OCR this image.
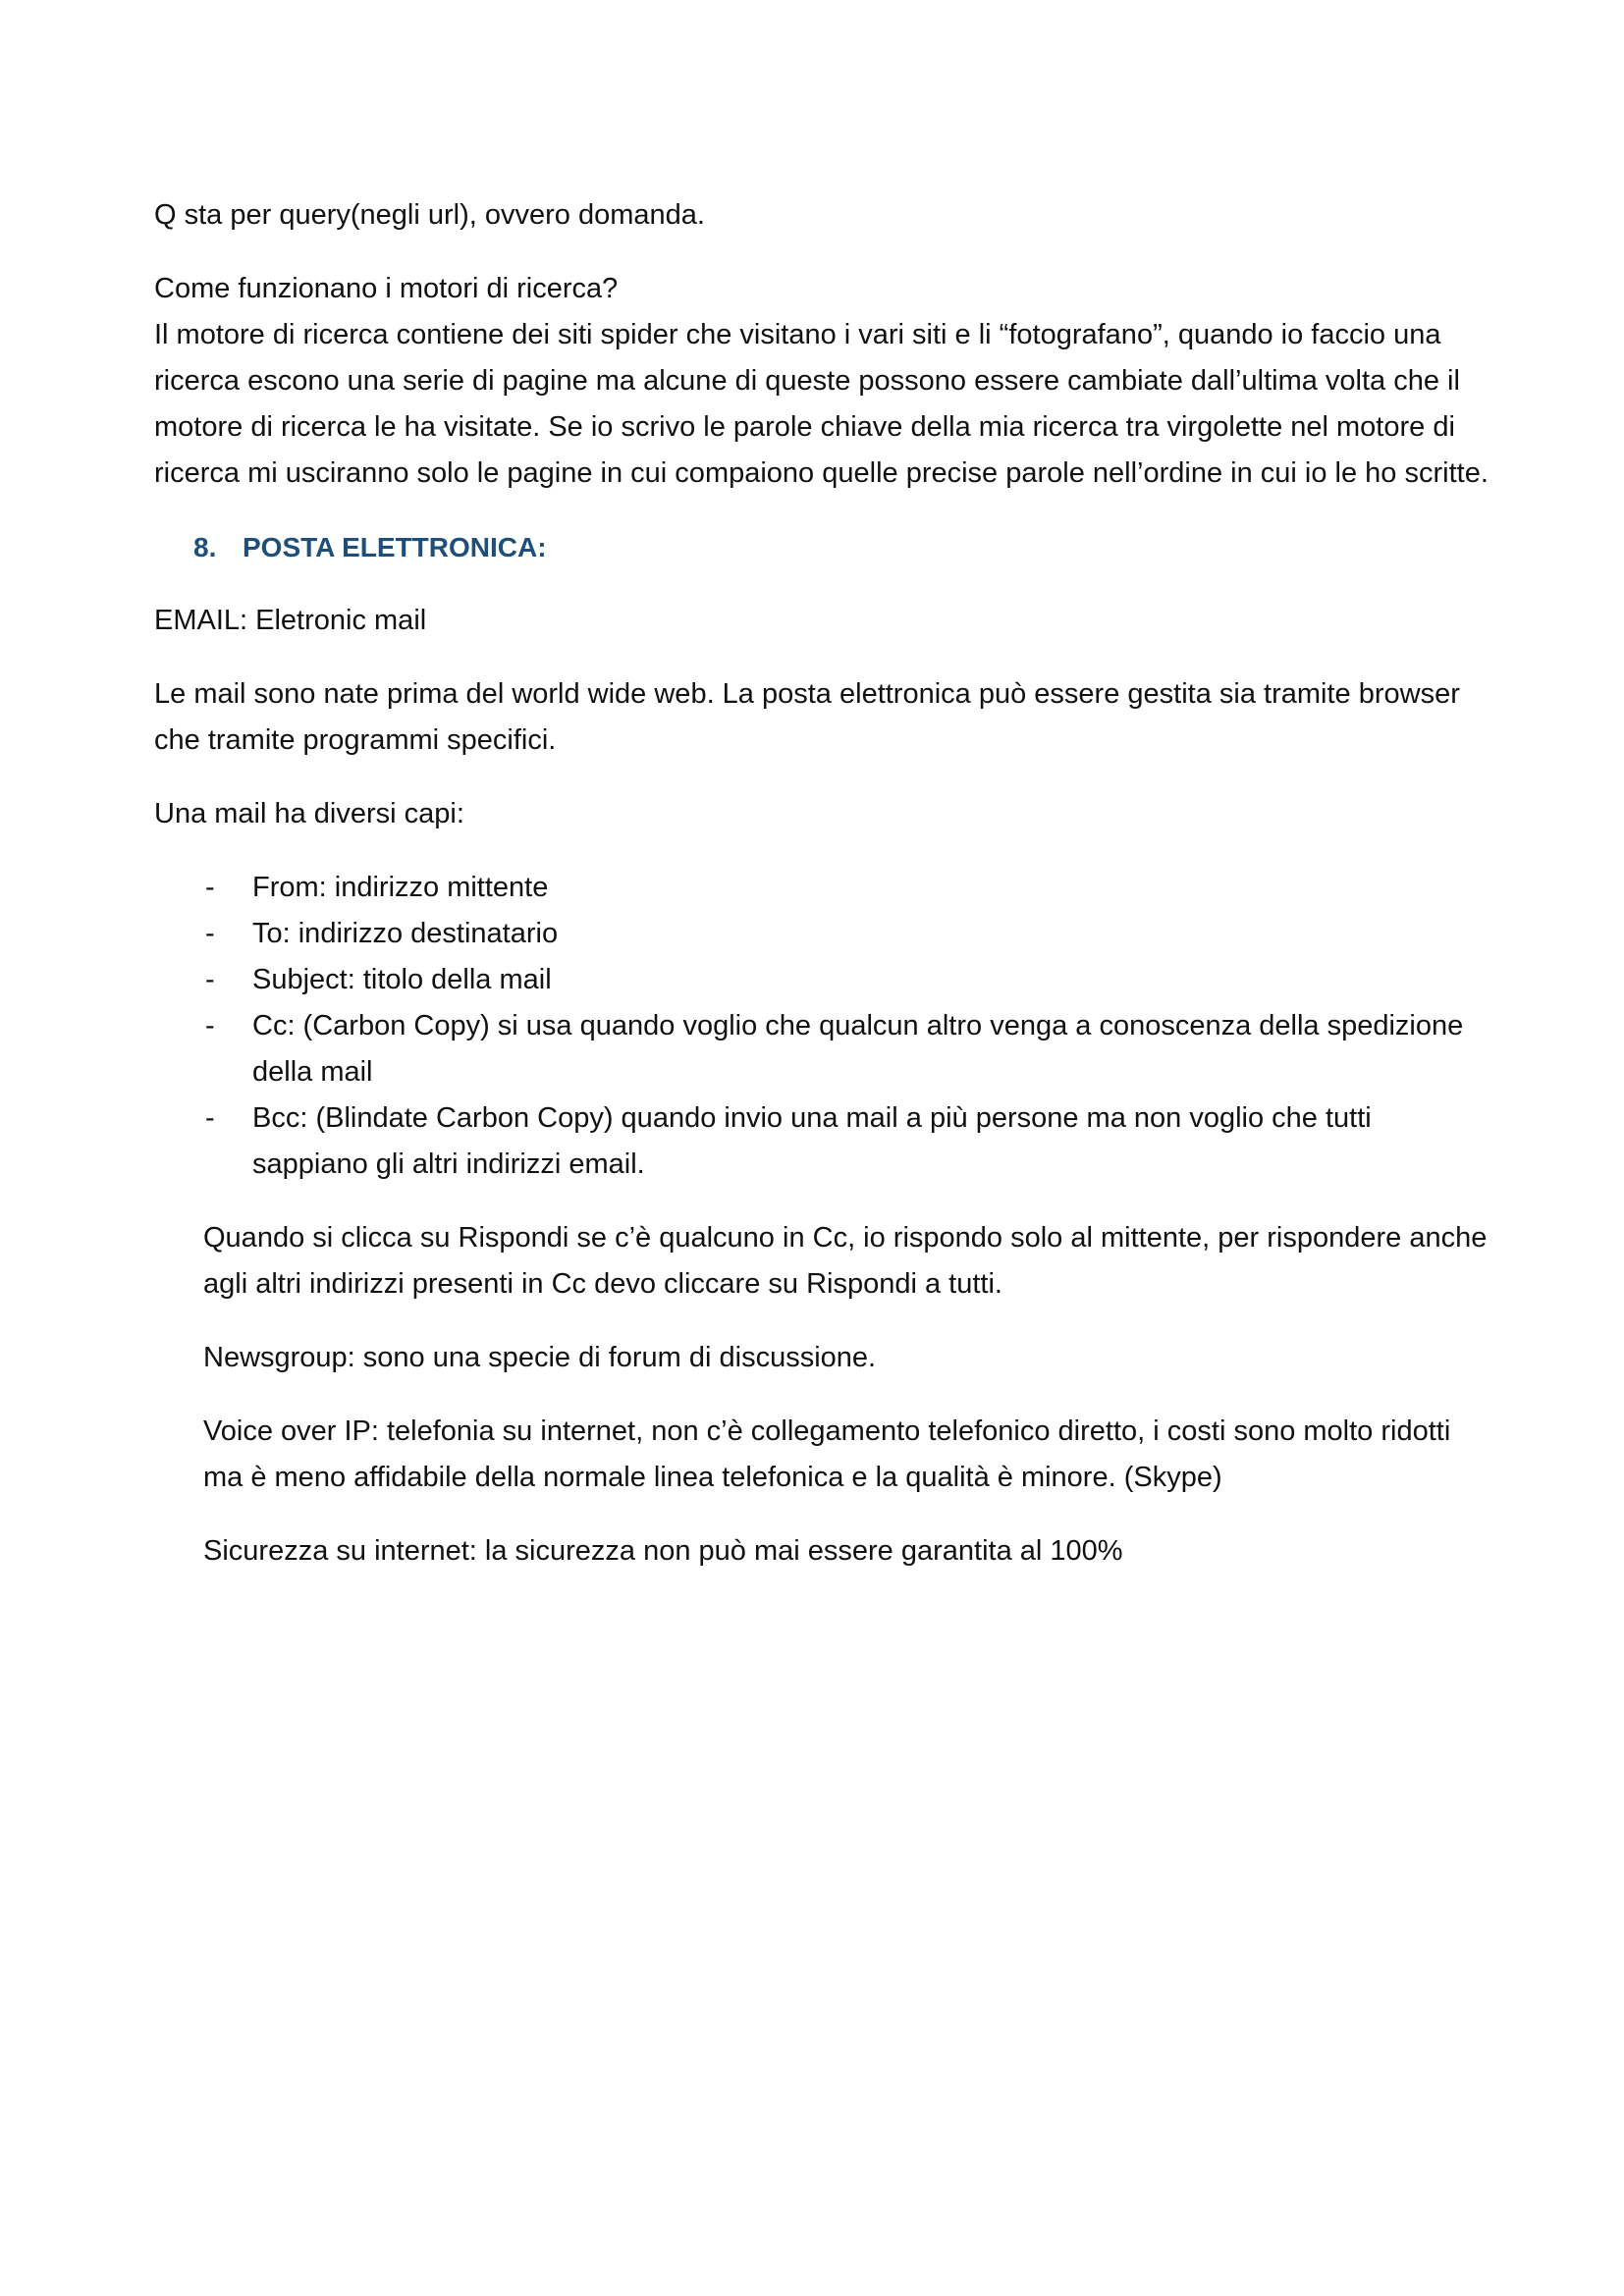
Q sta per query(negli url), ovvero domanda.

Come funzionano i motori di ricerca?

Il motore di ricerca contiene dei siti spider che visitano i vari siti e li “fotografano”, quando io faccio una ricerca escono una serie di pagine ma alcune di queste possono essere cambiate dall’ultima volta che il motore di ricerca le ha visitate. Se io scrivo le parole chiave della mia ricerca tra virgolette nel motore di ricerca mi usciranno solo le pagine in cui compaiono quelle precise parole nell’ordine in cui io le ho scritte.

8. POSTA ELETTRONICA:

EMAIL: Eletronic mail

Le mail sono nate prima del world wide web. La posta elettronica può essere gestita sia tramite browser che tramite programmi specifici.

Una mail ha diversi capi:

- From: indirizzo mittente
- To: indirizzo destinatario
- Subject: titolo della mail
- Cc: (Carbon Copy) si usa quando voglio che qualcun altro venga a conoscenza della spedizione della mail
- Bcc: (Blindate Carbon Copy) quando invio una mail a più persone ma non voglio che tutti sappiano gli altri indirizzi email.

Quando si clicca su Rispondi se c’è qualcuno in Cc, io rispondo solo al mittente, per rispondere anche agli altri indirizzi presenti in Cc devo cliccare su Rispondi a tutti.

Newsgroup: sono una specie di forum di discussione.

Voice over IP: telefonia su internet, non c’è collegamento telefonico diretto, i costi sono molto ridotti ma è meno affidabile della normale linea telefonica e la qualità è minore. (Skype)

Sicurezza su internet: la sicurezza non può mai essere garantita al 100%
